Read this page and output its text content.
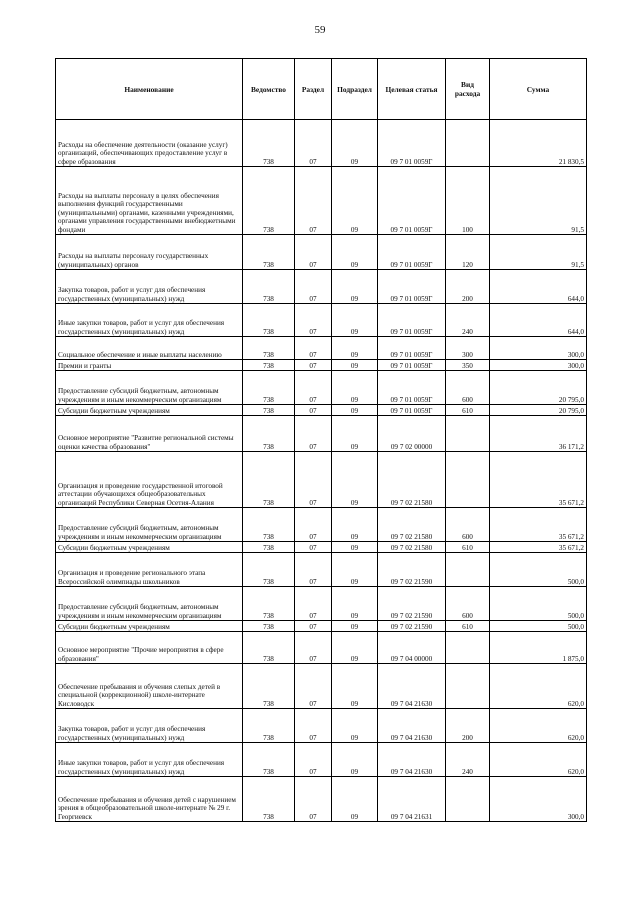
59
Наименование	Ведомство	Раздел	Подраздел	Целевая статья	Вид расхода	Сумма
Расходы на обеспечение деятельности (оказание услуг) организаций, обеспечивающих предоставление услуг в сфере образования	738	07	09	09 7 01 0059Г		21 830,5
Расходы на выплаты персоналу в целях обеспечения выполнения функций государственными (муниципальными) органами, казенными учреждениями, органами управления государственными внебюджетными фондами	738	07	09	09 7 01 0059Г	100	91,5
Расходы на выплаты персоналу государственных (муниципальных) органов	738	07	09	09 7 01 0059Г	120	91,5
Закупка товаров, работ и услуг для обеспечения государственных (муниципальных) нужд	738	07	09	09 7 01 0059Г	200	644,0
Иные закупки товаров, работ и услуг для обеспечения государственных (муниципальных) нужд	738	07	09	09 7 01 0059Г	240	644,0
Социальное обеспечение и иные выплаты населению	738	07	09	09 7 01 0059Г	300	300,0
Премии и гранты	738	07	09	09 7 01 0059Г	350	300,0
Предоставление субсидий бюджетным, автономным учреждениям и иным некоммерческим организациям	738	07	09	09 7 01 0059Г	600	20 795,0
Субсидии бюджетным учреждениям	738	07	09	09 7 01 0059Г	610	20 795,0
Основное мероприятие "Развитие региональной системы оценки качества образования"	738	07	09	09 7 02 00000		36 171,2
Организация и проведение государственной итоговой аттестации обучающихся общеобразовательных организаций Республики Северная Осетия-Алания	738	07	09	09 7 02 21580		35 671,2
Предоставление субсидий бюджетным, автономным учреждениям и иным некоммерческим организациям	738	07	09	09 7 02 21580	600	35 671,2
Субсидии бюджетным учреждениям	738	07	09	09 7 02 21580	610	35 671,2
Организация и проведение регионального этапа Всероссийской олимпиады школьников	738	07	09	09 7 02 21590		500,0
Предоставление субсидий бюджетным, автономным учреждениям и иным некоммерческим организациям	738	07	09	09 7 02 21590	600	500,0
Субсидии бюджетным учреждениям	738	07	09	09 7 02 21590	610	500,0
Основное мероприятие "Прочие мероприятия в сфере образования"	738	07	09	09 7 04 00000		1 875,0
Обеспечение пребывания и обучения слепых детей в специальной (коррекционной) школе-интернате Кисловодск	738	07	09	09 7 04 21630		620,0
Закупка товаров, работ и услуг для обеспечения государственных (муниципальных) нужд	738	07	09	09 7 04 21630	200	620,0
Иные закупки товаров, работ и услуг для обеспечения государственных (муниципальных) нужд	738	07	09	09 7 04 21630	240	620,0
Обеспечение пребывания и обучения детей с нарушением зрения в общеобразовательной школе-интернате № 29 г. Георгиевск	738	07	09	09 7 04 21631		300,0
